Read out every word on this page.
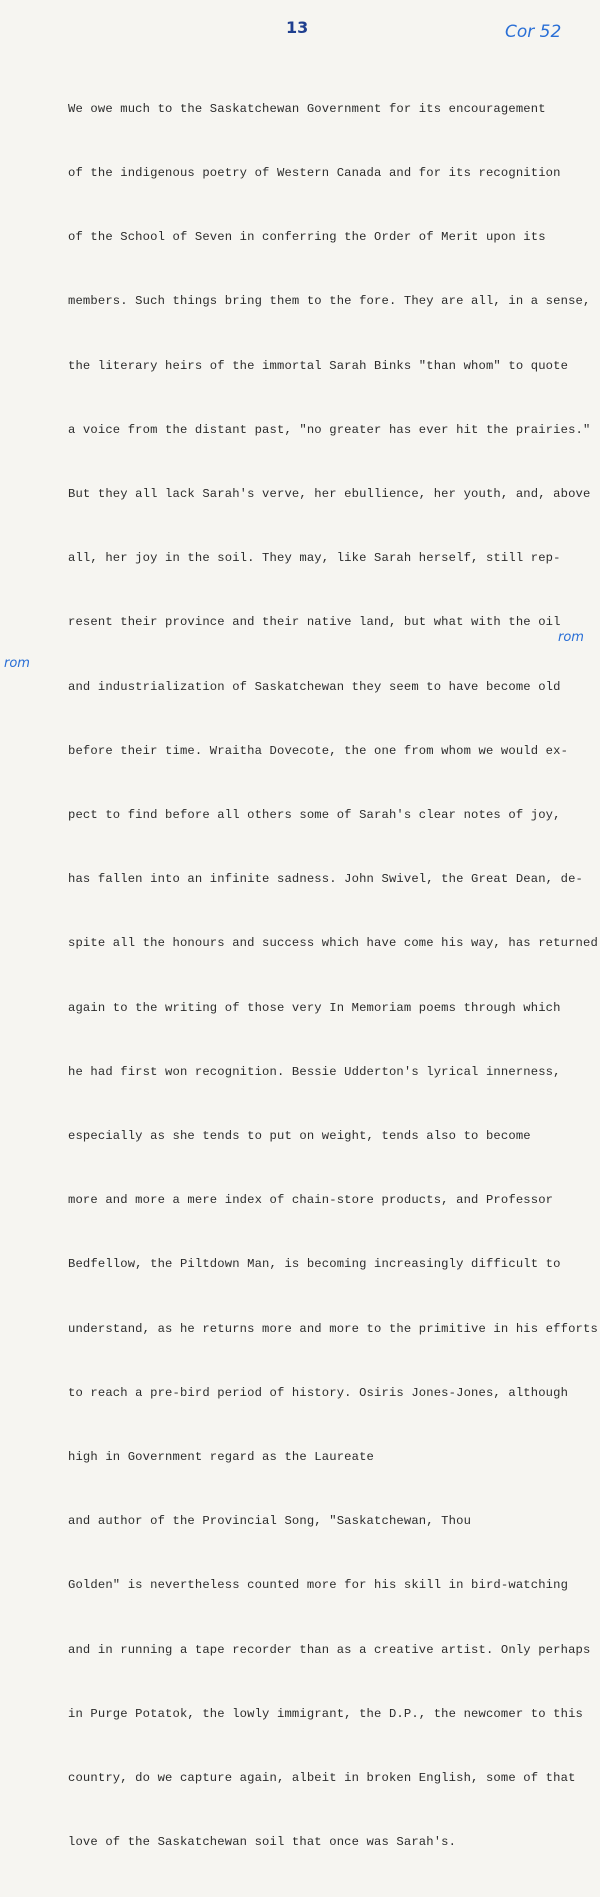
13	Cor 52

We owe much to the Saskatchewan Government for its encouragement

of the indigenous poetry of Western Canada and for its recognition

of the School of Seven in conferring the Order of Merit upon its

members. Such things bring them to the fore. They are all, in a sense,

the literary heirs of the immortal Sarah Binks "than whom" to quote

a voice from the distant past, "no greater has ever hit the prairies."

But they all lack Sarah's verve, her ebullience, her youth, and, above

all, her joy in the soil. They may, like Sarah herself, still rep-

resent their province and their native land, but what with the oil

and industrialization of Saskatchewan they seem to have become old

before their time. Wraitha Dovecote, the one from whom we would ex-

pect to find before all others some of Sarah's clear notes of joy,

has fallen into an infinite sadness. John Swivel, the Great Dean, de-

spite all the honours and success which have come his way, has returned

again to the writing of those very In Memoriam poems through which

he had first won recognition. Bessie Udderton's lyrical innerness,

especially as she tends to put on weight, tends also to become

more and more a mere index of chain-store products, and Professor

Bedfellow, the Piltdown Man, is becoming increasingly difficult to

understand, as he returns more and more to the primitive in his efforts

to reach a pre-bird period of history. Osiris Jones-Jones, although

high in Government regard as the Laureate

and author of the Provincial Song, "Saskatchewan, Thou

Golden" is nevertheless counted more for his skill in bird-watching

and in running a tape recorder than as a creative artist. Only perhaps

in Purge Potatok, the lowly immigrant, the D.P., the newcomer to this

country, do we capture again, albeit in broken English, some of that

love of the Saskatchewan soil that once was Sarah's.

rom
rom
